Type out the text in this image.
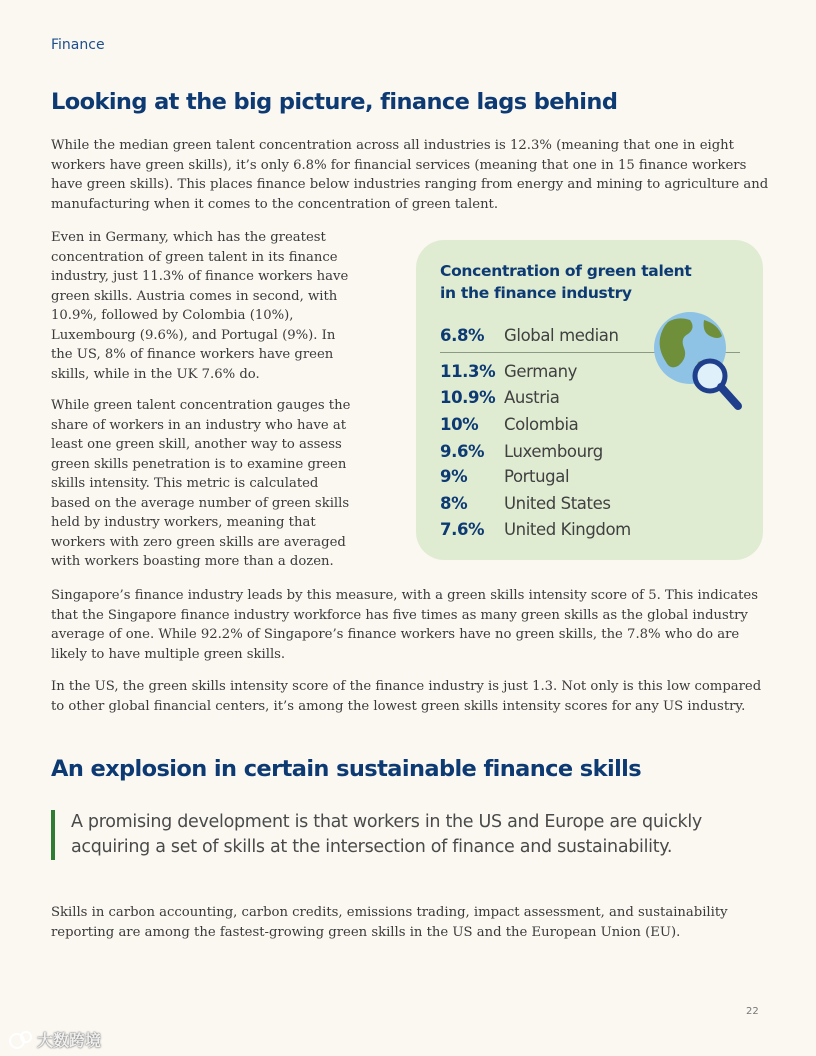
Finance
Looking at the big picture, finance lags behind

While the median green talent concentration across all industries is 12.3% (meaning that one in eight workers have green skills), it’s only 6.8% for financial services (meaning that one in 15 finance workers have green skills). This places finance below industries ranging from energy and mining to agriculture and manufacturing when it comes to the concentration of green talent.

Even in Germany, which has the greatest concentration of green talent in its finance industry, just 11.3% of finance workers have green skills. Austria comes in second, with 10.9%, followed by Colombia (10%), Luxembourg (9.6%), and Portugal (9%). In the US, 8% of finance workers have green skills, while in the UK 7.6% do.

While green talent concentration gauges the share of workers in an industry who have at least one green skill, another way to assess green skills penetration is to examine green skills intensity. This metric is calculated based on the average number of green skills held by industry workers, meaning that workers with zero green skills are averaged with workers boasting more than a dozen.

Concentration of green talent in the finance industry
6.8%	Global median
11.3% Germany
10.9% Austria
10%	Colombia
9.6%	Luxembourg
9%	Portugal
8%	United States
7.6%	United Kingdom

Singapore’s finance industry leads by this measure, with a green skills intensity score of 5. This indicates that the Singapore finance industry workforce has five times as many green skills as the global industry average of one. While 92.2% of Singapore’s finance workers have no green skills, the 7.8% who do are likely to have multiple green skills.

In the US, the green skills intensity score of the finance industry is just 1.3. Not only is this low compared to other global financial centers, it’s among the lowest green skills intensity scores for any US industry.

An explosion in certain sustainable finance skills
A promising development is that workers in the US and Europe are quickly acquiring a set of skills at the intersection of finance and sustainability.

Skills in carbon accounting, carbon credits, emissions trading, impact assessment, and sustainability reporting are among the fastest-growing green skills in the US and the European Union (EU).

22
大数跨境
